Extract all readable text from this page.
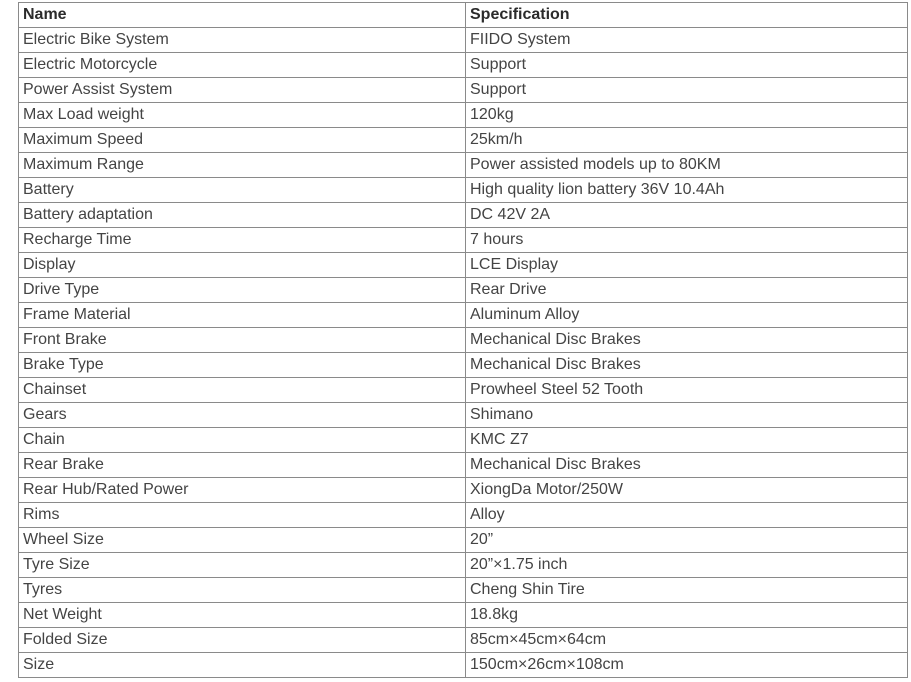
Name	Specification
Electric Bike System	FIIDO System
Electric Motorcycle	Support
Power Assist System	Support
Max Load weight	120kg
Maximum Speed	25km/h
Maximum Range	Power assisted models up to 80KM
Battery	High quality lion battery 36V 10.4Ah
Battery adaptation	DC 42V 2A
Recharge Time	7 hours
Display	LCE Display
Drive Type	Rear Drive
Frame Material	Aluminum Alloy
Front Brake	Mechanical Disc Brakes
Brake Type	Mechanical Disc Brakes
Chainset	Prowheel Steel 52 Tooth
Gears	Shimano
Chain	KMC Z7
Rear Brake	Mechanical Disc Brakes
Rear Hub/Rated Power	XiongDa Motor/250W
Rims	Alloy
Wheel Size	20”
Tyre Size	20”×1.75 inch
Tyres	Cheng Shin Tire
Net Weight	18.8kg
Folded Size	85cm×45cm×64cm
Size	150cm×26cm×108cm
